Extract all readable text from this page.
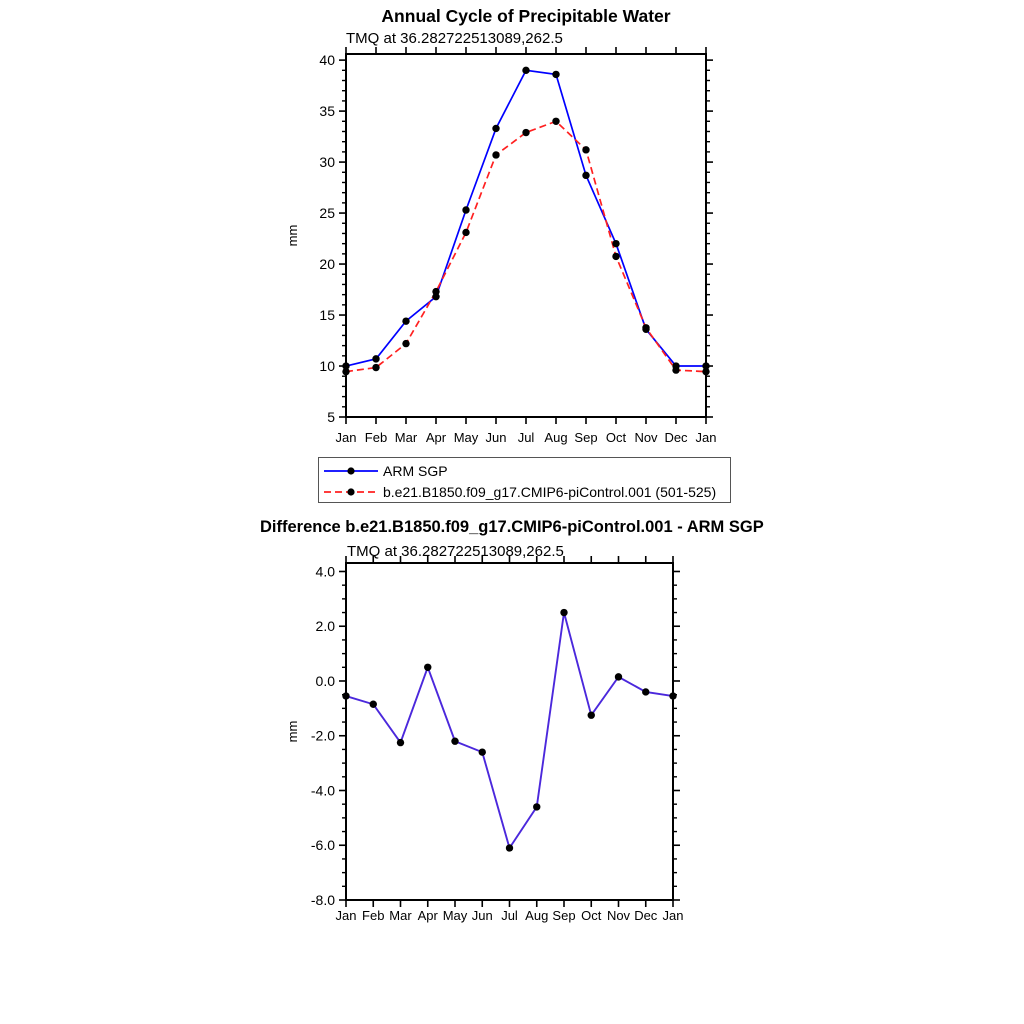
Annual Cycle of Precipitable Water
TMQ at 36.282722513089,262.5
5
10
15
20
25
30
35
40
Jan Feb Mar Apr May Jun Jul Aug Sep Oct Nov Dec Jan
mm
4.0
2.0
0.0
-2.0
-4.0
-6.0
-8.0
Jan Feb Mar Apr May Jun Jul Aug Sep Oct Nov Dec Jan
mm
ARM SGP
b.e21.B1850.f09_g17.CMIP6-piControl.001 (501-525)
Difference b.e21.B1850.f09_g17.CMIP6-piControl.001 - ARM SGP
TMQ at 36.282722513089,262.5
